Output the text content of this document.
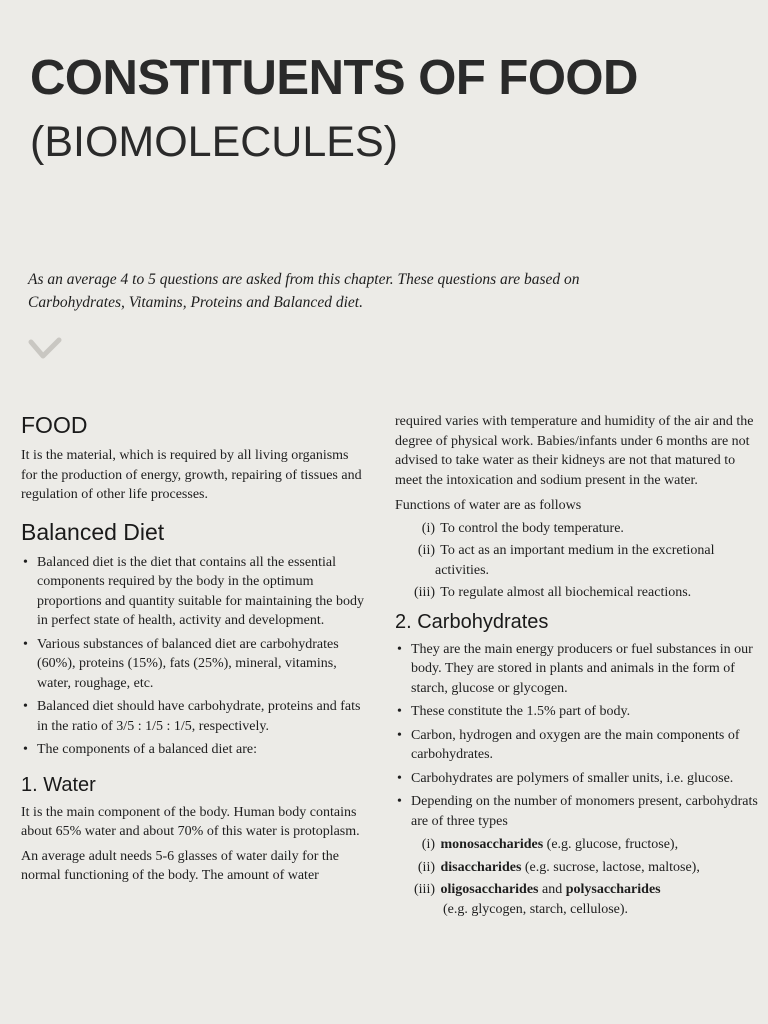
CONSTITUENTS OF FOOD
(BIOMOLECULES)

As an average 4 to 5 questions are asked from this chapter. These questions are based on Carbohydrates, Vitamins, Proteins and Balanced diet.

FOOD

It is the material, which is required by all living organisms for the production of energy, growth, repairing of tissues and regulation of other life processes.

Balanced Diet
• Balanced diet is the diet that contains all the essential components required by the body in the optimum proportions and quantity suitable for maintaining the body in perfect state of health, activity and development.
• Various substances of balanced diet are carbohydrates (60%), proteins (15%), fats (25%), mineral, vitamins, water, roughage, etc.
• Balanced diet should have carbohydrate, proteins and fats in the ratio of 3/5 : 1/5 : 1/5, respectively.
• The components of a balanced diet are:
1. Water

It is the main component of the body. Human body contains about 65% water and about 70% of this water is protoplasm.

An average adult needs 5-6 glasses of water daily for the normal functioning of the body. The amount of water

required varies with temperature and humidity of the air and the degree of physical work. Babies/infants under 6 months are not advised to take water as their kidneys are not that matured to meet the intoxication and sodium present in the water.

Functions of water are as follows

(i) To control the body temperature.
(ii) To act as an important medium in the excretional activities.
(iii) To regulate almost all biochemical reactions.
2. Carbohydrates
• They are the main energy producers or fuel substances in our body. They are stored in plants and animals in the form of starch, glucose or glycogen.
• These constitute the 1.5% part of body.
• Carbon, hydrogen and oxygen are the main components of carbohydrates.
• Carbohydrates are polymers of smaller units, i.e. glucose.
• Depending on the number of monomers present, carbohydrats are of three types
(i) monosaccharides (e.g. glucose, fructose),
(ii) disaccharides (e.g. sucrose, lactose, maltose),
(iii) oligosaccharides and polysaccharides
(e.g. glycogen, starch, cellulose).
